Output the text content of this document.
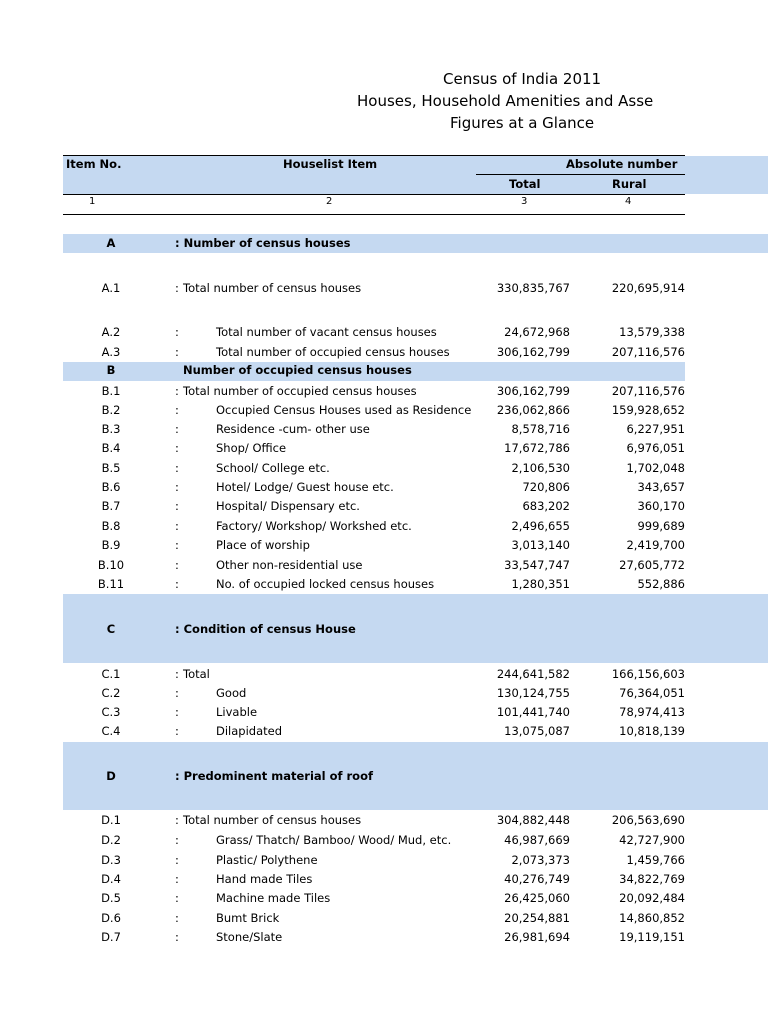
Census of India 2011
Houses, Household Amenities and Asse
Figures at a Glance
Item No.	Houselist Item	Absolute number
Total	Rural
1	2	3	4
A	: Number of census houses
A.1	: Total number of census houses	330,835,767	220,695,914
A.2	:	Total number of vacant census houses	24,672,968	13,579,338
A.3	:	Total number of occupied census houses	306,162,799	207,116,576
B	Number of occupied census houses
B.1	: Total number of occupied census houses	306,162,799	207,116,576
B.2	:	Occupied Census Houses used as Residence 236,062,866	159,928,652
B.3	:	Residence -cum- other use	8,578,716	6,227,951
B.4	:	Shop/ Office	17,672,786	6,976,051
B.5	:	School/ College etc.	2,106,530	1,702,048
B.6	:	Hotel/ Lodge/ Guest house etc.	720,806	343,657
B.7	:	Hospital/ Dispensary etc.	683,202	360,170
B.8	:	Factory/ Workshop/ Workshed etc.	2,496,655	999,689
B.9	:	Place of worship	3,013,140	2,419,700
B.10	:	Other non-residential use	33,547,747	27,605,772
B.11	:	No. of occupied locked census houses	1,280,351	552,886
C	: Condition of census House
C.1	: Total	244,641,582	166,156,603
C.2	:	Good	130,124,755	76,364,051
C.3	:	Livable	101,441,740	78,974,413
C.4	:	Dilapidated	13,075,087	10,818,139
D	: Predominent material of roof
D.1	: Total number of census houses	304,882,448	206,563,690
D.2	:	Grass/ Thatch/ Bamboo/ Wood/ Mud, etc.	46,987,669	42,727,900
D.3	:	Plastic/ Polythene	2,073,373	1,459,766
D.4	:	Hand made Tiles	40,276,749	34,822,769
D.5	:	Machine made Tiles	26,425,060	20,092,484
D.6	:	Bumt Brick	20,254,881	14,860,852
D.7	:	Stone/Slate	26,981,694	19,119,151
